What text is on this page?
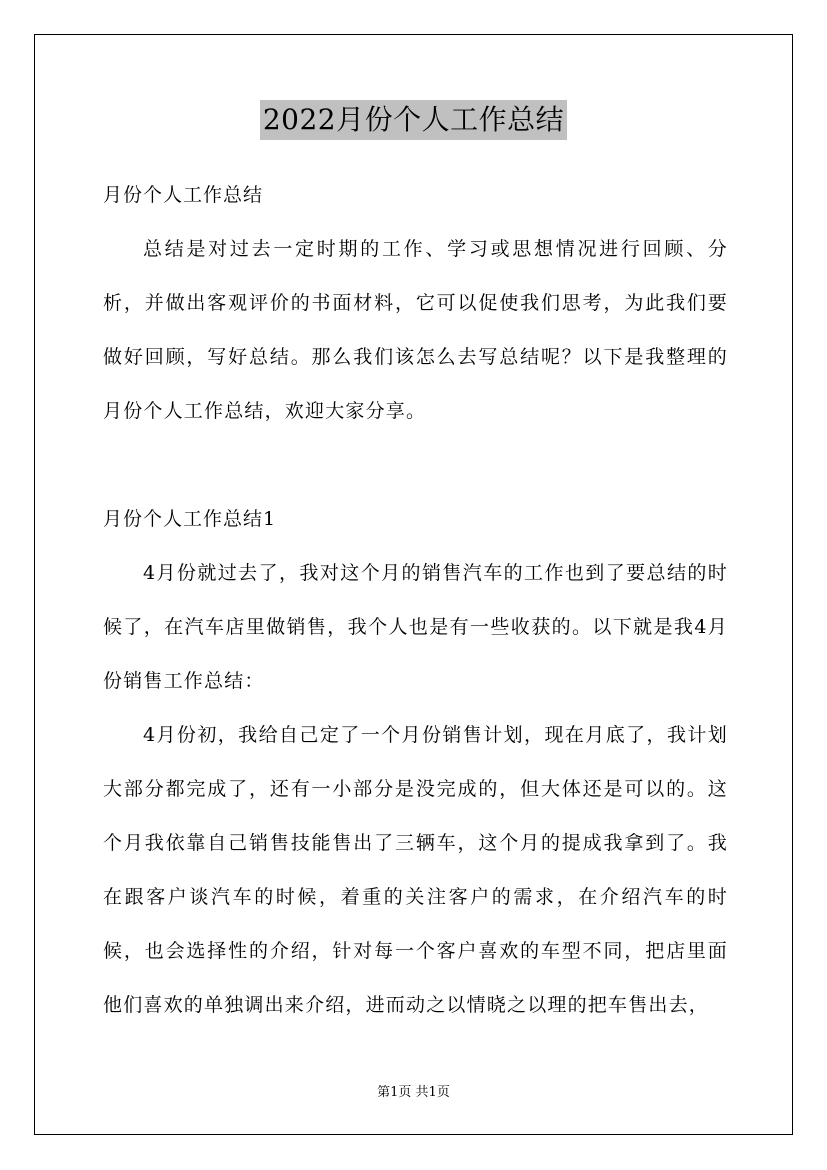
2022月份个人工作总结

月份个人工作总结

总结是对过去一定时期的工作、学习或思想情况进行回顾、分析，并做出客观评价的书面材料，它可以促使我们思考，为此我们要做好回顾，写好总结。那么我们该怎么去写总结呢？以下是我整理的月份个人工作总结，欢迎大家分享。

月份个人工作总结1

4月份就过去了，我对这个月的销售汽车的工作也到了要总结的时候了，在汽车店里做销售，我个人也是有一些收获的。以下就是我4月份销售工作总结：

4月份初，我给自己定了一个月份销售计划，现在月底了，我计划大部分都完成了，还有一小部分是没完成的，但大体还是可以的。这个月我依靠自己销售技能售出了三辆车，这个月的提成我拿到了。我在跟客户谈汽车的时候，着重的关注客户的需求，在介绍汽车的时候，也会选择性的介绍，针对每一个客户喜欢的车型不同，把店里面他们喜欢的单独调出来介绍，进而动之以情晓之以理的把车售出去，

第1页 共1页
